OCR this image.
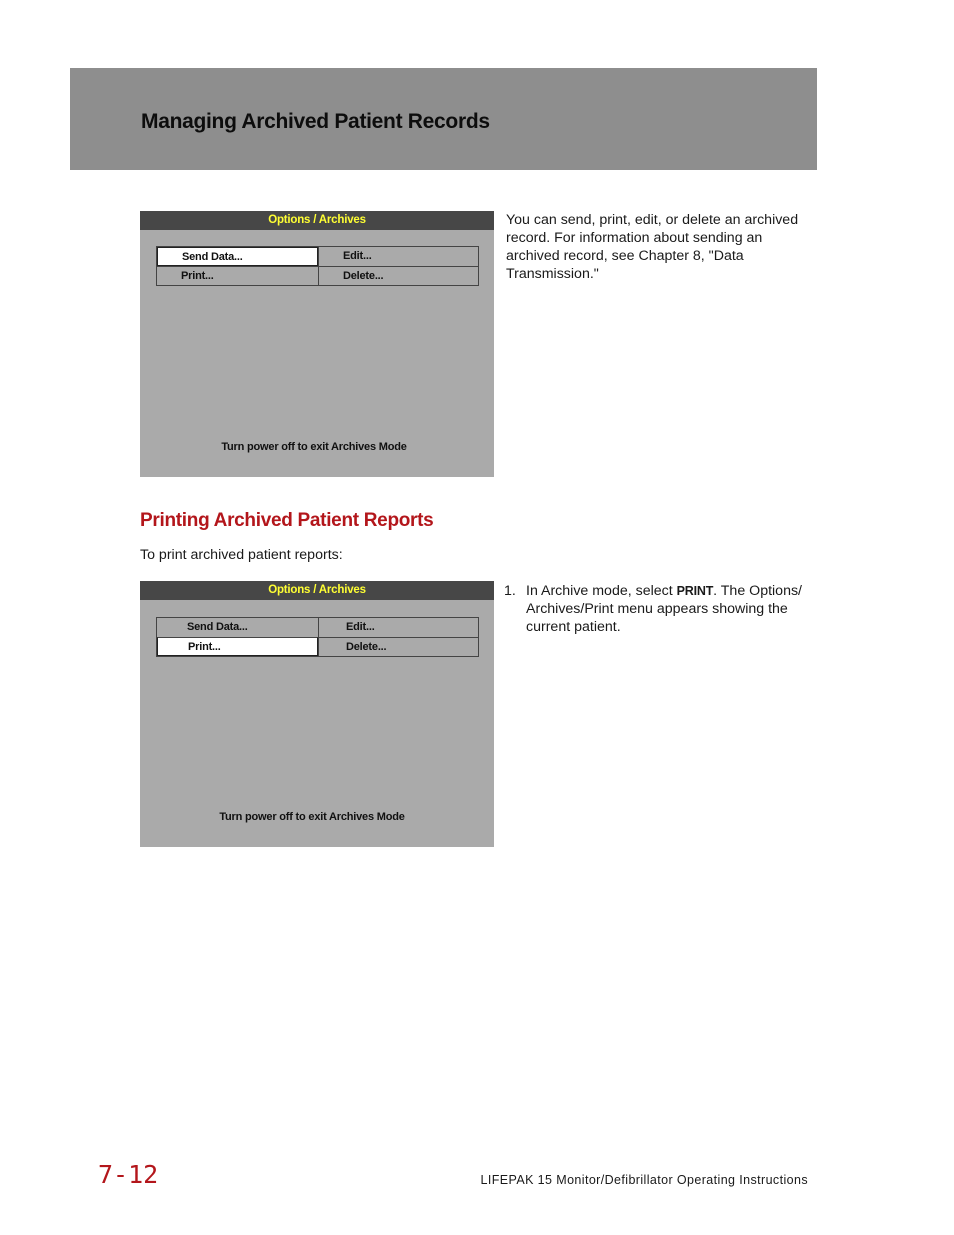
Managing Archived Patient Records
Options / Archives
Send Data...	Edit...
Print...	Delete...
Turn power off to exit Archives Mode

You can send, print, edit, or delete an archived record. For information about sending an archived record, see Chapter 8, "Data Transmission."

Printing Archived Patient Reports

To print archived patient reports:

Options / Archives
Send Data...	Edit...
Print...	Delete...
Turn power off to exit Archives Mode
1. In Archive mode, select PRINT. The Options/ Archives/Print menu appears showing the current patient.

7-12	LIFEPAK 15 Monitor/Defibrillator Operating Instructions
